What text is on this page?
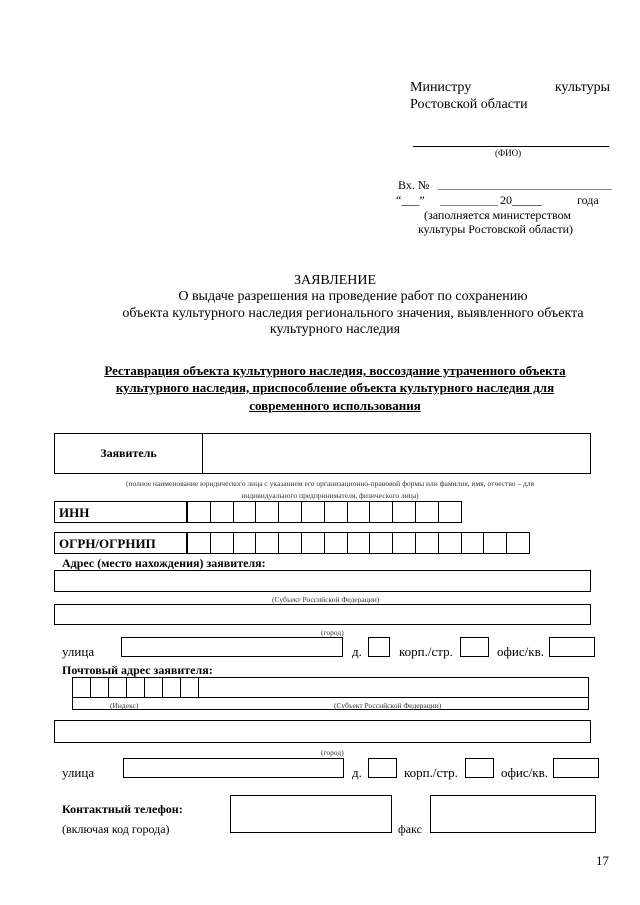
Министру	культуры
Ростовской области
(ФИО)
Вх. №
“___”	20_____	года
(заполняется министерством
культуры Ростовской области)
ЗАЯВЛЕНИЕ
О выдаче разрешения на проведение работ по сохранению
объекта культурного наследия регионального значения, выявленного объекта
культурного наследия
Реставрация объекта культурного наследия, воссоздание утраченного объекта
культурного наследия, приспособление объекта культурного наследия для
современного использования
Заявитель
(полное наименование юридического лица с указанием его организационно-правовой формы или фамилия, имя, отчество – для
индивидуального предпринимателя, физического лица)
ИНН
ОГРН/ОГРНИП
Адрес (место нахождения) заявителя:
(Субъект Российской Федерации)
(город)
улица	д.	корп./стр.	офис/кв.
Почтовый адрес заявителя:
(Индекс)	(Субъект Российской Федерации)
(город)
улица	д.	корп./стр.	офис/кв.
Контактный телефон:
(включая код города)	факс
17
